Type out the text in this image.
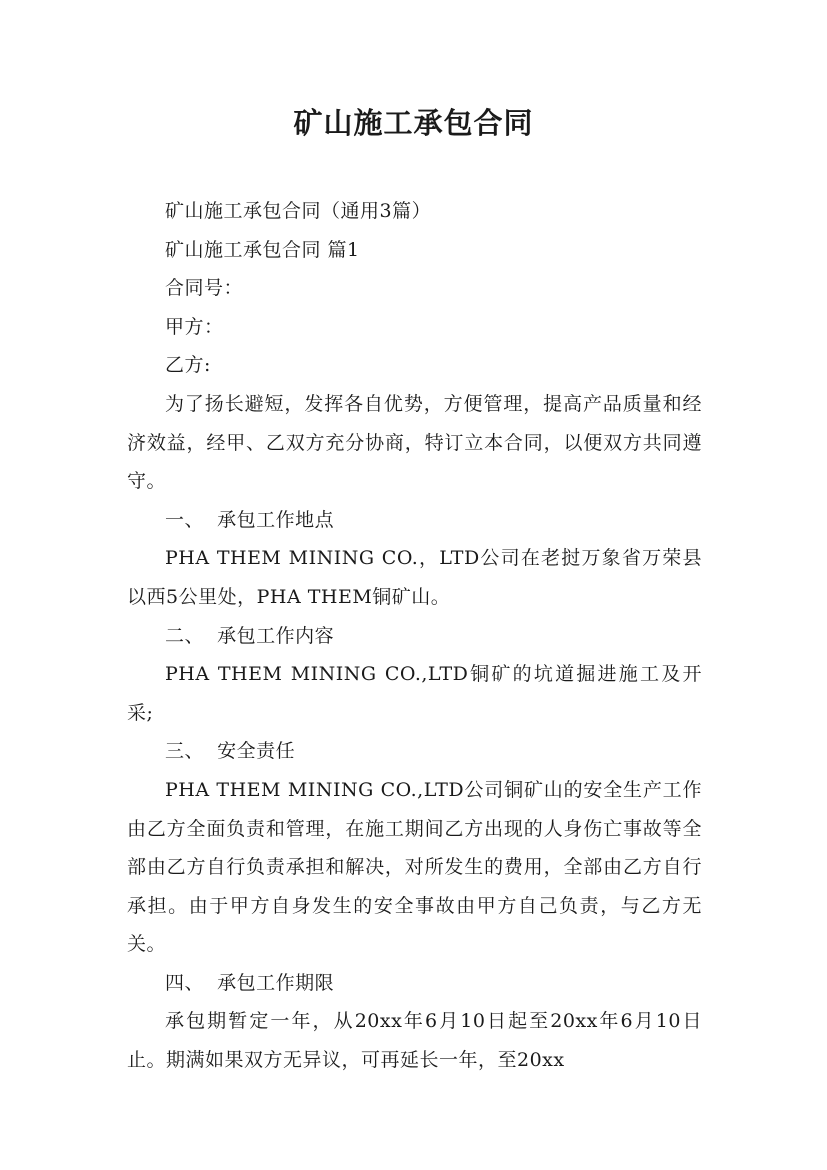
矿山施工承包合同

矿山施工承包合同（通用3篇）

矿山施工承包合同 篇1

合同号：

甲方：

乙方:

为了扬长避短，发挥各自优势，方便管理，提高产品质量和经济效益，经甲、乙双方充分协商，特订立本合同，以便双方共同遵守。

一、  承包工作地点

PHA THEM MINING CO.，LTD公司在老挝万象省万荣县以西5公里处，PHA THEM铜矿山。

二、  承包工作内容

PHA THEM MINING CO.,LTD铜矿的坑道掘进施工及开采;

三、  安全责任

PHA THEM MINING CO.,LTD公司铜矿山的安全生产工作由乙方全面负责和管理，在施工期间乙方出现的人身伤亡事故等全部由乙方自行负责承担和解决，对所发生的费用，全部由乙方自行承担。由于甲方自身发生的安全事故由甲方自己负责，与乙方无关。

四、  承包工作期限

承包期暂定一年，从20xx年6月10日起至20xx年6月10日止。期满如果双方无异议，可再延长一年，至20xx
